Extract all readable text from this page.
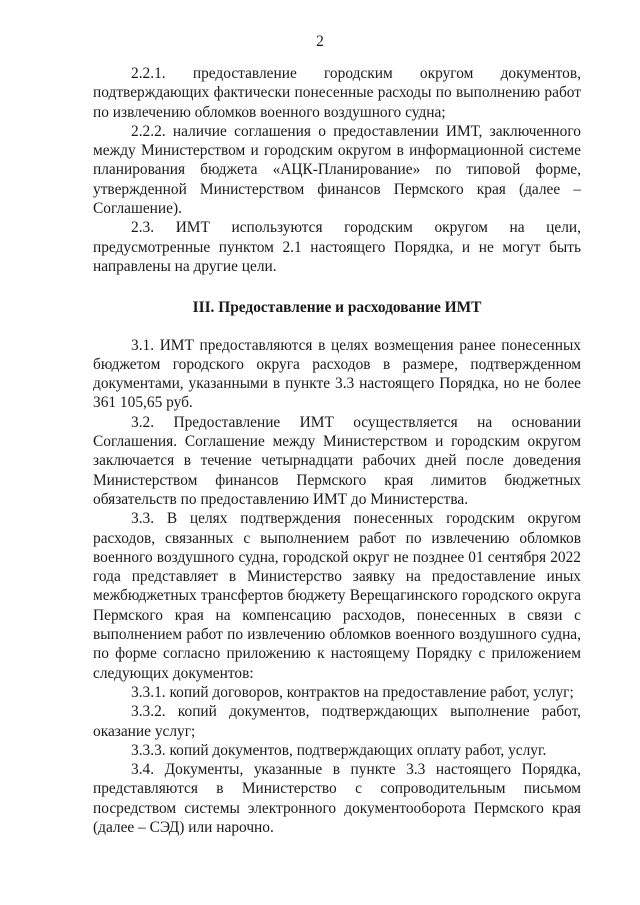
2

2.2.1. предоставление городским округом документов, подтверждающих фактически понесенные расходы по выполнению работ по извлечению обломков военного воздушного судна;

2.2.2. наличие соглашения о предоставлении ИМТ, заключенного между Министерством и городским округом в информационной системе планирования бюджета «АЦК-Планирование» по типовой форме, утвержденной Министерством финансов Пермского края (далее – Соглашение).

2.3. ИМТ используются городским округом на цели, предусмотренные пунктом 2.1 настоящего Порядка, и не могут быть направлены на другие цели.

III. Предоставление и расходование ИМТ

3.1. ИМТ предоставляются в целях возмещения ранее понесенных бюджетом городского округа расходов в размере, подтвержденном документами, указанными в пункте 3.3 настоящего Порядка, но не более 361 105,65 руб.

3.2. Предоставление ИМТ осуществляется на основании Соглашения. Соглашение между Министерством и городским округом заключается в течение четырнадцати рабочих дней после доведения Министерством финансов Пермского края лимитов бюджетных обязательств по предоставлению ИМТ до Министерства.

3.3. В целях подтверждения понесенных городским округом расходов, связанных с выполнением работ по извлечению обломков военного воздушного судна, городской округ не позднее 01 сентября 2022 года представляет в Министерство заявку на предоставление иных межбюджетных трансфертов бюджету Верещагинского городского округа Пермского края на компенсацию расходов, понесенных в связи с выполнением работ по извлечению обломков военного воздушного судна, по форме согласно приложению к настоящему Порядку с приложением следующих документов:

3.3.1. копий договоров, контрактов на предоставление работ, услуг;

3.3.2. копий документов, подтверждающих выполнение работ, оказание услуг;

3.3.3. копий документов, подтверждающих оплату работ, услуг.

3.4. Документы, указанные в пункте 3.3 настоящего Порядка, представляются в Министерство с сопроводительным письмом посредством системы электронного документооборота Пермского края (далее – СЭД) или нарочно.
